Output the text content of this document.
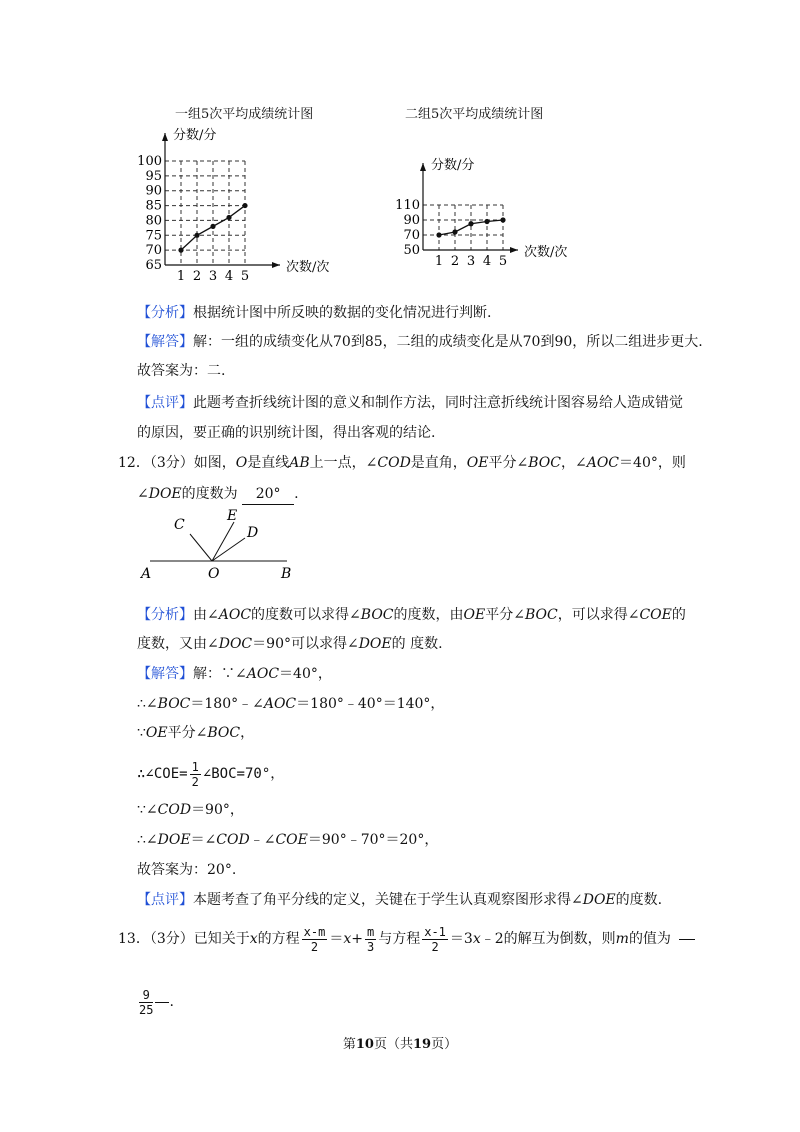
一组5次平均成绩统计图	二组5次平均成绩统计图
100
95
90
85
80
75
70
65
1 2 3 4 5
分数/分
次数/次
110
90
70
50
1 2 3 4 5
分数/分
次数/次
【分析】根据统计图中所反映的数据的变化情况进行判断.
【解答】解：一组的成绩变化从70到85，二组的成绩变化是从70到90，所以二组进步更大.
故答案为：二.
【点评】此题考查折线统计图的意义和制作方法，同时注意折线统计图容易给人造成错觉
的原因，要正确的识别统计图，得出客观的结论.
12．（3分）如图，O是直线AB上一点，∠COD是直角，OE平分∠BOC，∠AOC＝40°，则
∠DOE的度数为 20° .
A	O	B
C
E
D
【分析】由∠AOC的度数可以求得∠BOC的度数，由OE平分∠BOC，可以求得∠COE的
度数，又由∠DOC＝90°可以求得∠DOE的 度数.
【解答】解：∵∠AOC＝40°，
∴∠BOC＝180°﹣∠AOC＝180°﹣40°＝140°，
∵OE平分∠BOC，
∴∠COE= $\frac{1}{2}$ ∠BOC=70°，
∵∠COD＝90°，
∴∠DOE＝∠COD﹣∠COE＝90°﹣70°＝20°，
故答案为：20°.
【点评】本题考查了角平分线的定义，关键在于学生认真观察图形求得∠DOE的度数.
13．（3分）已知关于x的方程 $\frac{x-m}{2} =x+ \frac{m}{3}$ 与方程 $\frac{x-1}{2}$ ＝3x﹣2的解互为倒数，则m的值为
$\frac{9}{25}$ .
第10页（共19页）
